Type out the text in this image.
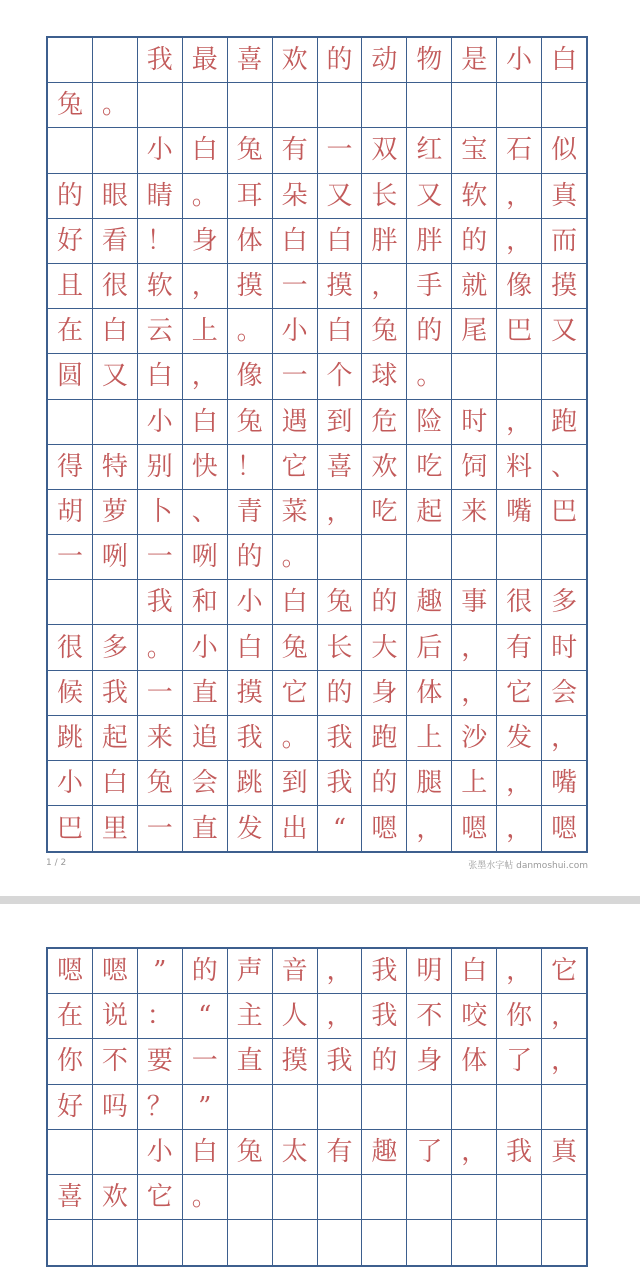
我 最 喜 欢 的 动 物 是 小 白
兔 。
小 白 兔 有 一 双 红 宝 石 似
的 眼 睛 。 耳 朵 又 长 又 软 ， 真
好 看 ！ 身 体 白 白 胖 胖 的 ， 而
且 很 软 ， 摸 一 摸 ， 手 就 像 摸
在 白 云 上 。 小 白 兔 的 尾 巴 又
圆 又 白 ， 像 一 个 球 。
小 白 兔 遇 到 危 险 时 ， 跑
得 特 别 快 ！ 它 喜 欢 吃 饲 料 、
胡 萝 卜 、 青 菜 ， 吃 起 来 嘴 巴
一 咧 一 咧 的 。
我 和 小 白 兔 的 趣 事 很 多
很 多 。 小 白 兔 长 大 后 ， 有 时
候 我 一 直 摸 它 的 身 体 ， 它 会
跳 起 来 追 我 。 我 跑 上 沙 发 ，
小 白 兔 会 跳 到 我 的 腿 上 ， 嘴
巴 里 一 直 发 出 “ 嗯 ， 嗯 ， 嗯
1 / 2	张墨水字帖 danmoshui.com
嗯 嗯 ” 的 声 音 ， 我 明 白 ， 它
在 说 ： “ 主 人 ， 我 不 咬 你 ，
你 不 要 一 直 摸 我 的 身 体 了 ，
好 吗 ？ ”
小 白 兔 太 有 趣 了 ， 我 真
喜 欢 它 。
